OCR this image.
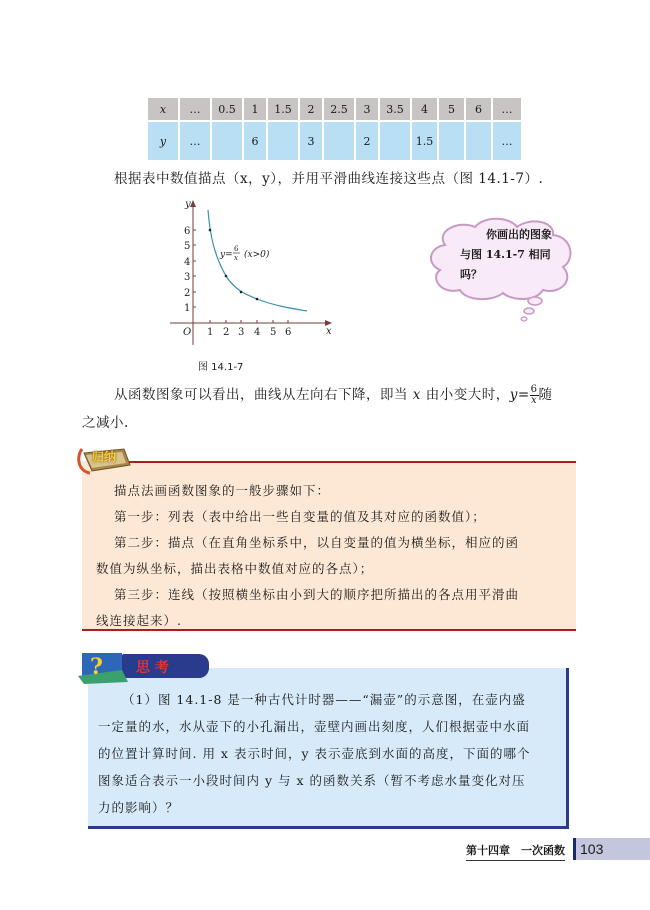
x	…	0.5	1	1.5	2	2.5	3	3.5	4	5	6	…
y	…		6		3		2		1.5			…
根据表中数值描点（x，y），并用平滑曲线连接这些点（图 14.1-7）.
y
x
O
1
2
3
4
5
6
1 2 3 4 5 6
y=
6
x (x>0)
图 14.1-7
你画出的图象
与图 14.1-7 相同
吗？
从函数图象可以看出，曲线从左向右下降，即当 x 由小变大时，$y= \frac{6}{x}$ 随
之减小.
归纳
描点法画函数图象的一般步骤如下：
第一步：列表（表中给出一些自变量的值及其对应的函数值）；
第二步：描点（在直角坐标系中，以自变量的值为横坐标，相应的函
数值为纵坐标，描出表格中数值对应的各点）；
第三步：连线（按照横坐标由小到大的顺序把所描出的各点用平滑曲
线连接起来）.
? 思 考
（1）图 14.1-8 是一种古代计时器——“漏壶”的示意图，在壶内盛
一定量的水，水从壶下的小孔漏出，壶壁内画出刻度，人们根据壶中水面
的位置计算时间. 用 x 表示时间，y 表示壶底到水面的高度，下面的哪个
图象适合表示一小段时间内 y 与 x 的函数关系（暂不考虑水量变化对压
力的影响）？
第十四章　一次函数	103
